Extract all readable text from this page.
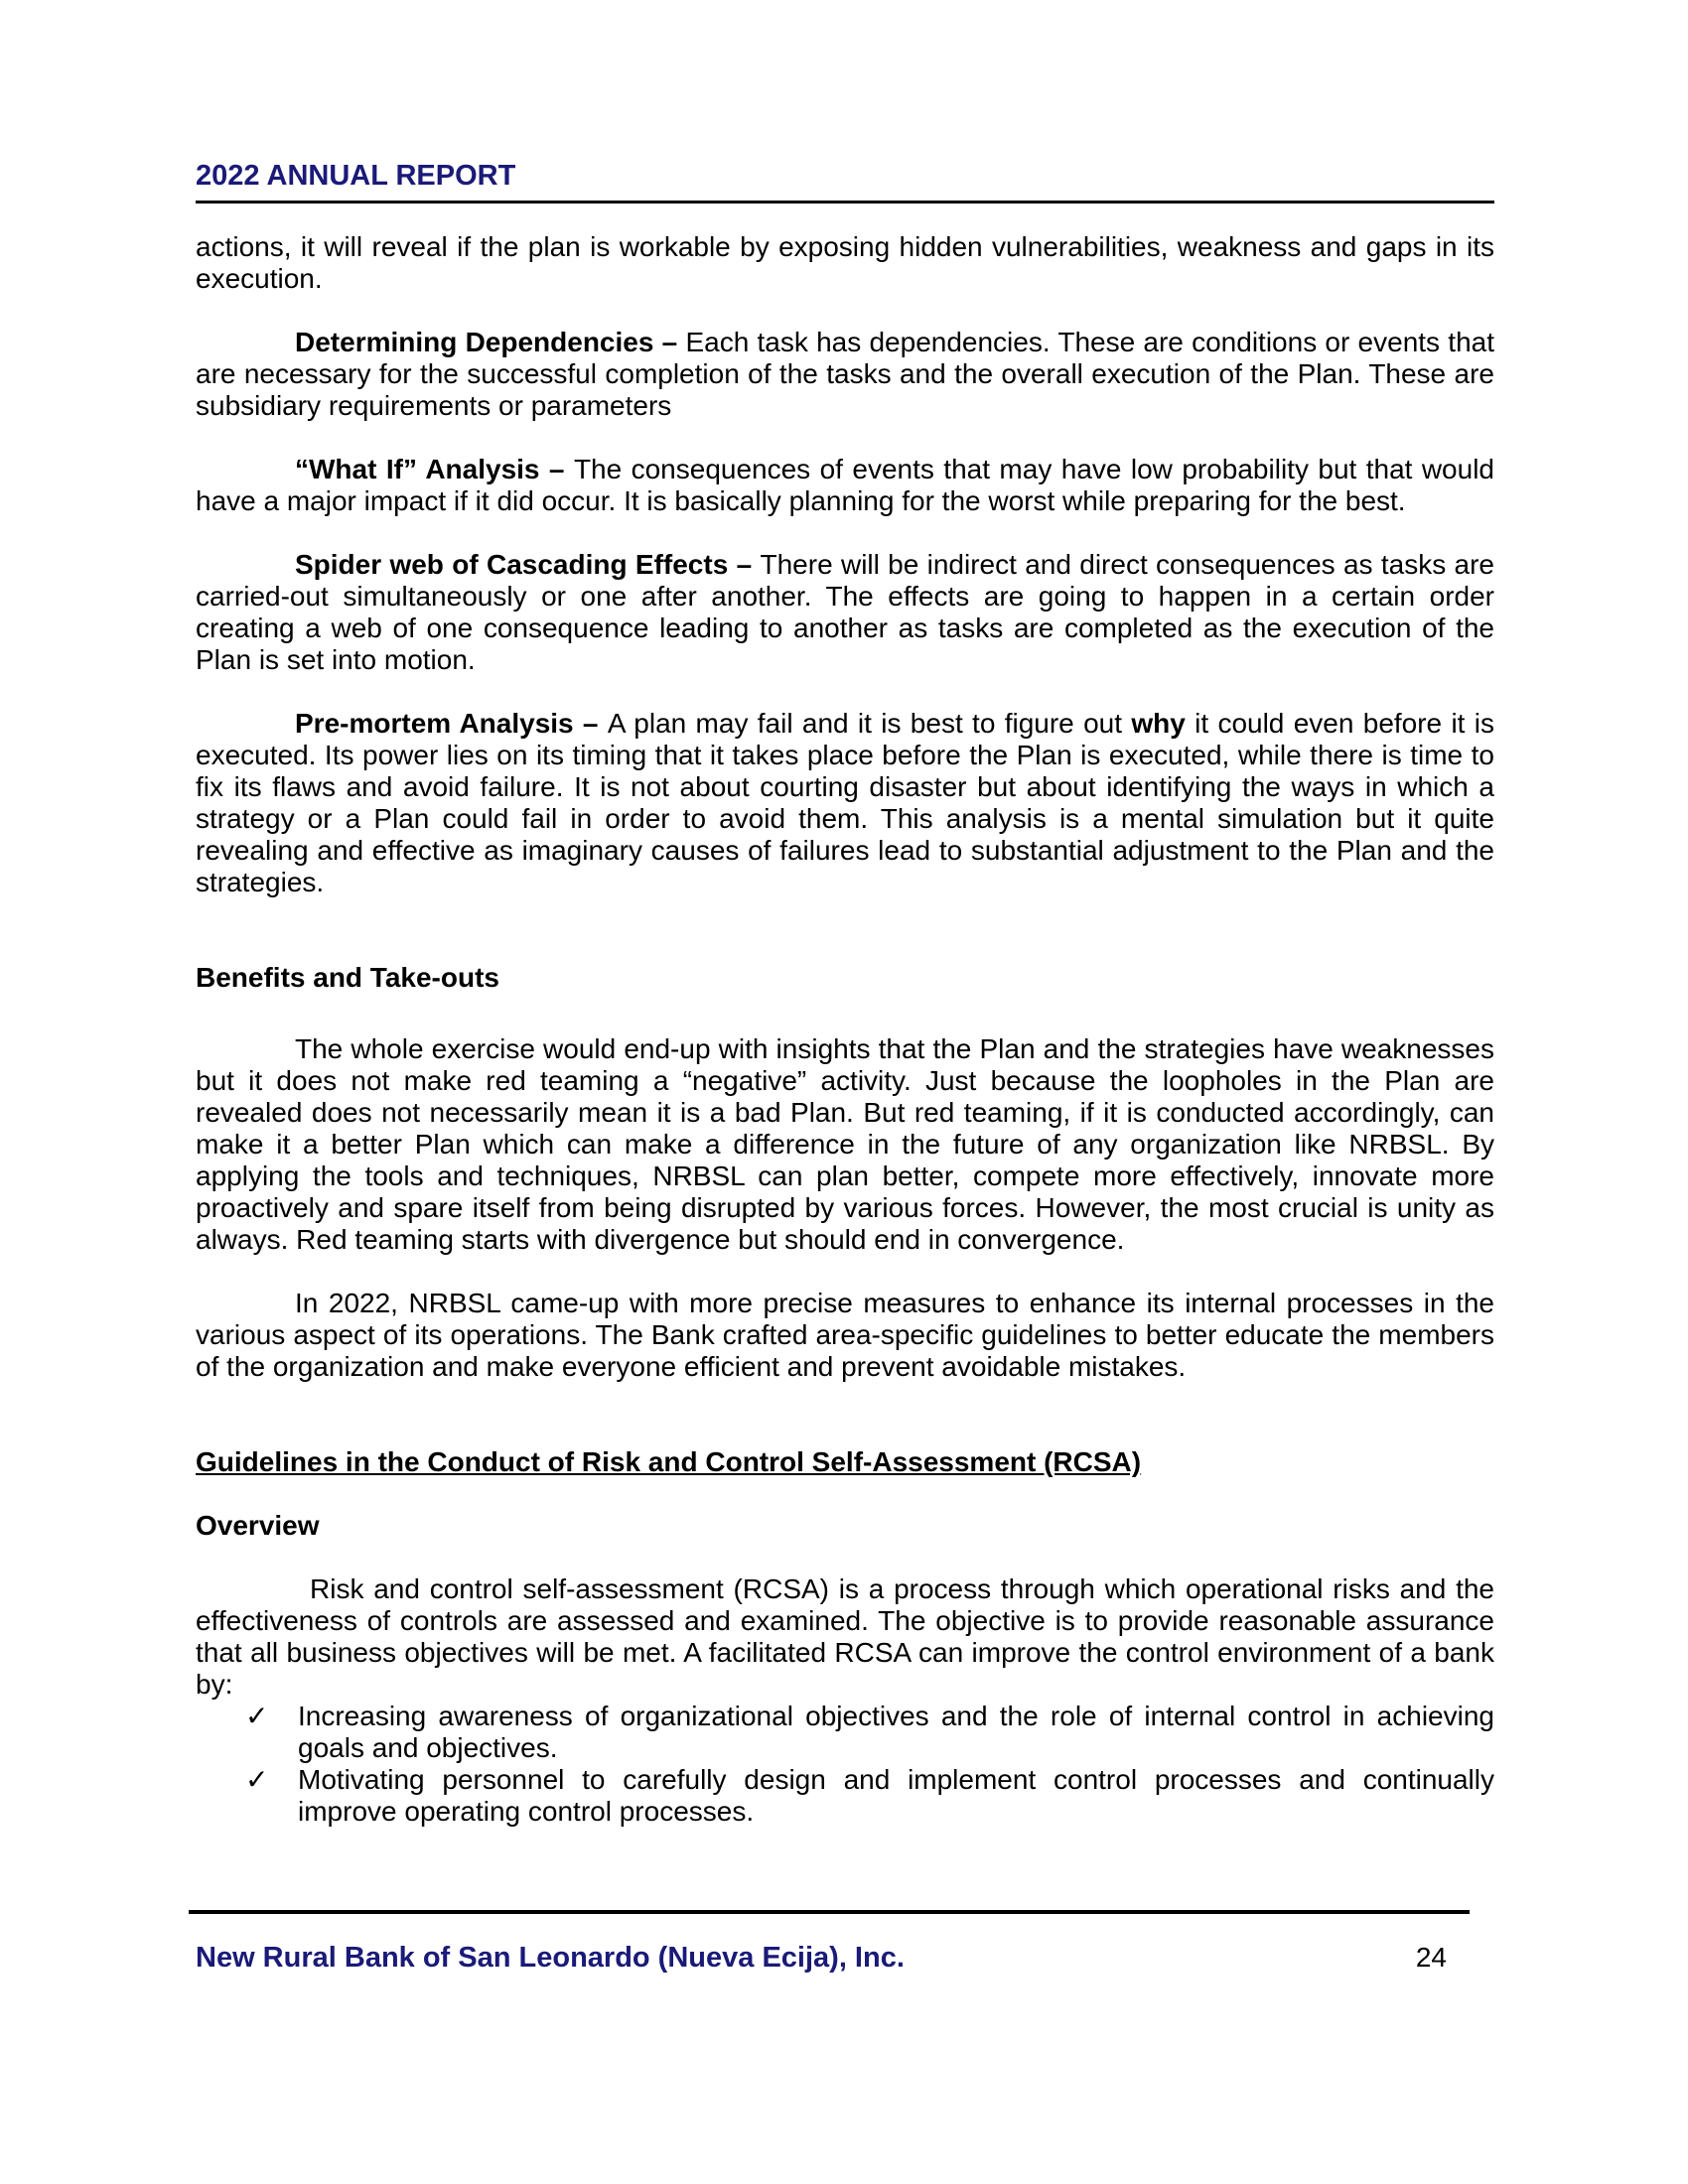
2022 ANNUAL REPORT

actions, it will reveal if the plan is workable by exposing hidden vulnerabilities, weakness and gaps in its execution.

Determining Dependencies – Each task has dependencies. These are conditions or events that are necessary for the successful completion of the tasks and the overall execution of the Plan. These are subsidiary requirements or parameters

“What If” Analysis – The consequences of events that may have low probability but that would have a major impact if it did occur. It is basically planning for the worst while preparing for the best.

Spider web of Cascading Effects – There will be indirect and direct consequences as tasks are carried-out simultaneously or one after another. The effects are going to happen in a certain order creating a web of one consequence leading to another as tasks are completed as the execution of the Plan is set into motion.

Pre-mortem Analysis – A plan may fail and it is best to figure out why it could even before it is executed. Its power lies on its timing that it takes place before the Plan is executed, while there is time to fix its flaws and avoid failure. It is not about courting disaster but about identifying the ways in which a strategy or a Plan could fail in order to avoid them. This analysis is a mental simulation but it quite revealing and effective as imaginary causes of failures lead to substantial adjustment to the Plan and the strategies.

Benefits and Take-outs

The whole exercise would end-up with insights that the Plan and the strategies have weaknesses but it does not make red teaming a “negative” activity. Just because the loopholes in the Plan are revealed does not necessarily mean it is a bad Plan. But red teaming, if it is conducted accordingly, can make it a better Plan which can make a difference in the future of any organization like NRBSL. By applying the tools and techniques, NRBSL can plan better, compete more effectively, innovate more proactively and spare itself from being disrupted by various forces. However, the most crucial is unity as always. Red teaming starts with divergence but should end in convergence.

In 2022, NRBSL came-up with more precise measures to enhance its internal processes in the various aspect of its operations. The Bank crafted area-specific guidelines to better educate the members of the organization and make everyone efficient and prevent avoidable mistakes.

Guidelines in the Conduct of Risk and Control Self-Assessment (RCSA)
Overview

Risk and control self-assessment (RCSA) is a process through which operational risks and the effectiveness of controls are assessed and examined. The objective is to provide reasonable assurance that all business objectives will be met. A facilitated RCSA can improve the control environment of a bank by:

✓ Increasing awareness of organizational objectives and the role of internal control in achieving goals and objectives.
✓ Motivating personnel to carefully design and implement control processes and continually improve operating control processes.
New Rural Bank of San Leonardo (Nueva Ecija), Inc.	24
